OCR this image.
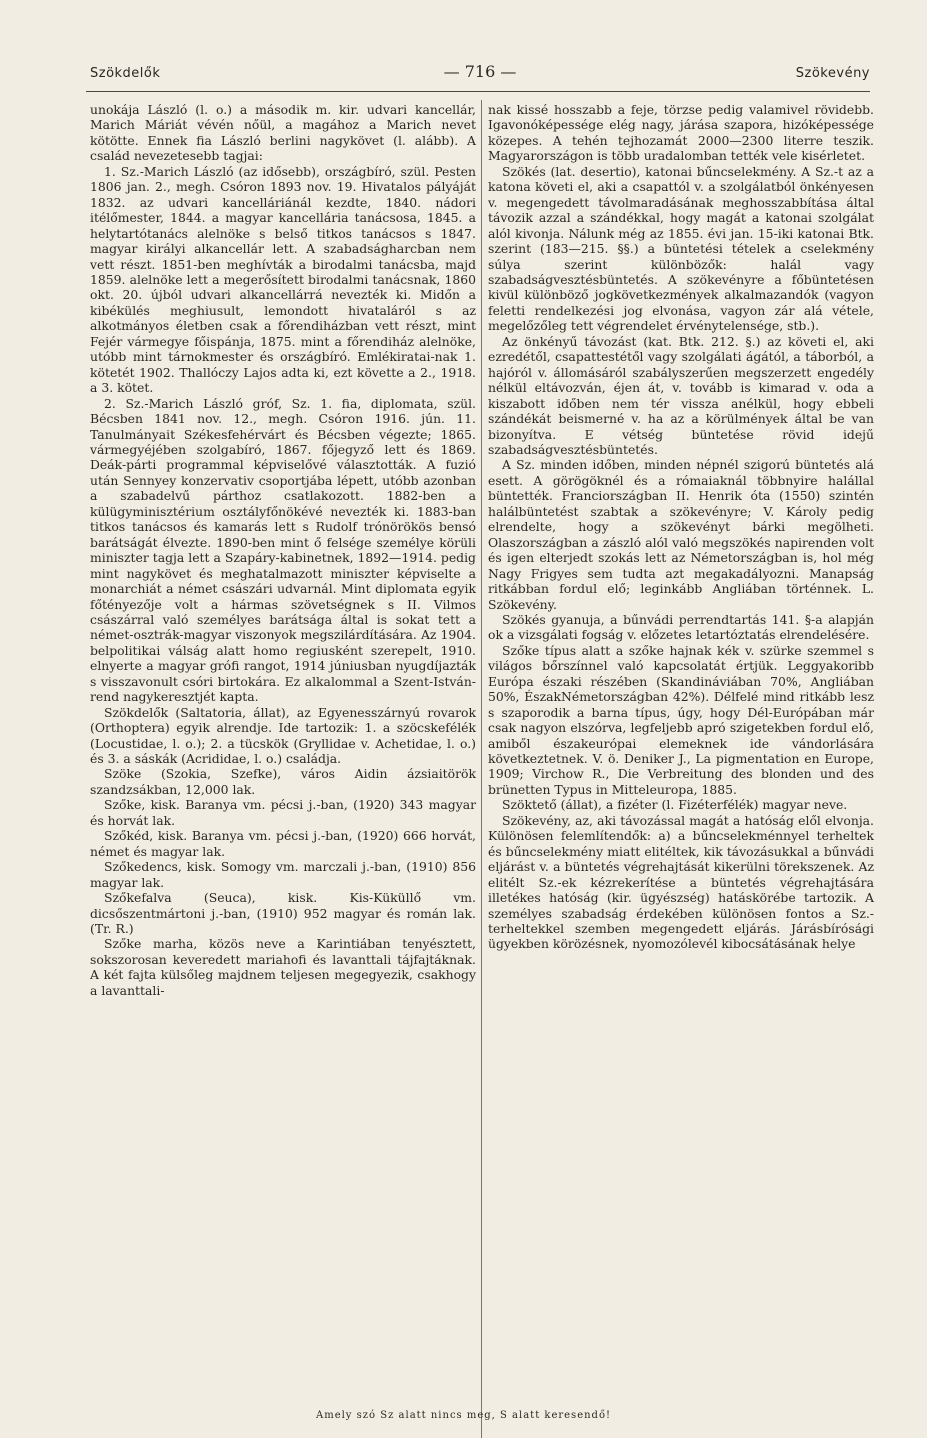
Szökdelők	— 716 —	Szökevény

unokája László (l. o.) a második m. kir. udvari kancellár, Marich Máriát vévén nőül, a magához a Marich nevet kötötte. Ennek fia László berlini nagykövet (l. alább). A család nevezetesebb tagjai:

1. Sz.-Marich László (az idősebb), országbíró, szül. Pesten 1806 jan. 2., megh. Csóron 1893 nov. 19. Hivatalos pályáját 1832. az udvari kancelláriánál kezdte, 1840. nádori itélőmester, 1844. a magyar kancellária tanácsosa, 1845. a helytartótanács alelnöke s belső titkos tanácsos s 1847. magyar királyi alkancellár lett. A szabadságharcban nem vett részt. 1851-ben meghívták a birodalmi tanácsba, majd 1859. alelnöke lett a megerősített birodalmi tanácsnak, 1860 okt. 20. újból udvari alkancellárrá nevezték ki. Midőn a kibékülés meghiusult, lemondott hivataláról s az alkotmányos életben csak a főrendiházban vett részt, mint Fejér vármegye főispánja, 1875. mint a főrendiház alelnöke, utóbb mint tárnokmester és országbíró. Emlékiratai-nak 1. kötetét 1902. Thallóczy Lajos adta ki, ezt követte a 2., 1918. a 3. kötet.

2. Sz.-Marich László gróf, Sz. 1. fia, diplomata, szül. Bécsben 1841 nov. 12., megh. Csóron 1916. jún. 11. Tanulmányait Székesfehérvárt és Bécsben végezte; 1865. vármegyéjében szolgabíró, 1867. főjegyző lett és 1869. Deák-párti programmal képviselővé választották. A fuzió után Sennyey konzervativ csoportjába lépett, utóbb azonban a szabadelvű párthoz csatlakozott. 1882-ben a külügyminisztérium osztályfőnökévé nevezték ki. 1883-ban titkos tanácsos és kamarás lett s Rudolf trónörökös bensó barátságát élvezte. 1890-ben mint ő felsége személye körüli miniszter tagja lett a Szapáry-kabinetnek, 1892—1914. pedig mint nagykövet és meghatalmazott miniszter képviselte a monarchiát a német császári udvarnál. Mint diplomata egyik főtényezője volt a hármas szövetségnek s II. Vilmos császárral való személyes barátsága által is sokat tett a német-osztrák-magyar viszonyok megszilárdítására. Az 1904. belpolitikai válság alatt homo regiusként szerepelt, 1910. elnyerte a magyar grófi rangot, 1914 júniusban nyugdíjazták s visszavonult csóri birtokára. Ez alkalommal a Szent-István-rend nagykeresztjét kapta.

Szökdelők (Saltatoria, állat), az Egyenesszárnyú rovarok (Orthoptera) egyik alrendje. Ide tartozik: 1. a szöcskefélék (Locustidae, l. o.); 2. a tücskök (Gryllidae v. Achetidae, l. o.) és 3. a sáskák (Acrididae, l. o.) családja.

Szöke (Szokia, Szefke), város Aidin ázsiaitörök szandzsákban, 12,000 lak.

Szőke, kisk. Baranya vm. pécsi j.-ban, (1920) 343 magyar és horvát lak.

Szőkéd, kisk. Baranya vm. pécsi j.-ban, (1920) 666 horvát, német és magyar lak.

Szőkedencs, kisk. Somogy vm. marczali j.-ban, (1910) 856 magyar lak.

Szőkefalva (Seuca), kisk. Kis-Küküllő vm. dicsőszentmártoni j.-ban, (1910) 952 magyar és román lak. (Tr. R.)

Szőke marha, közös neve a Karintiában tenyésztett, sokszorosan keveredett mariahofi és lavanttali tájfajtáknak. A két fajta külsőleg majdnem teljesen megegyezik, csakhogy a lavanttali-

nak kissé hosszabb a feje, törzse pedig valamivel rövidebb. Igavonóképessége elég nagy, járása szapora, hizóképessége közepes. A tehén tejhozamát 2000—2300 literre teszik. Magyarországon is több uradalomban tették vele kisérletet.

Szökés (lat. desertio), katonai bűncselekmény. A Sz.-t az a katona követi el, aki a csapattól v. a szolgálatból önkényesen v. megengedett távolmaradásának meghosszabbítása által távozik azzal a szándékkal, hogy magát a katonai szolgálat alól kivonja. Nálunk még az 1855. évi jan. 15-iki katonai Btk. szerint (183—215. §§.) a büntetési tételek a cselekmény súlya szerint különbözők: halál vagy szabadságvesztésbüntetés. A szökevényre a főbüntetésen kivül különböző jogkövetkezmények alkalmazandók (vagyon feletti rendelkezési jog elvonása, vagyon zár alá vétele, megelőzőleg tett végrendelet érvénytelensége, stb.).

Az önkényű távozást (kat. Btk. 212. §.) az követi el, aki ezredétől, csapattestétől vagy szolgálati ágától, a táborból, a hajóról v. állomásáról szabályszerűen megszerzett engedély nélkül eltávozván, éjen át, v. tovább is kimarad v. oda a kiszabott időben nem tér vissza anélkül, hogy ebbeli szándékát beismerné v. ha az a körülmények által be van bizonyítva. E vétség büntetése rövid idejű szabadságvesztésbüntetés.

A Sz. minden időben, minden népnél szigorú büntetés alá esett. A görögöknél és a rómaiaknál többnyire halállal büntették. Franciországban II. Henrik óta (1550) szintén halálbüntetést szabtak a szökevényre; V. Károly pedig elrendelte, hogy a szökevényt bárki megölheti. Olaszországban a zászló alól való megszökés napirenden volt és igen elterjedt szokás lett az Németországban is, hol még Nagy Frigyes sem tudta azt megakadályozni. Manapság ritkábban fordul elő; leginkább Angliában történnek. L. Szökevény.

Szökés gyanuja, a bűnvádi perrendtartás 141. §-a alapján ok a vizsgálati fogság v. előzetes letartóztatás elrendelésére.

Szőke típus alatt a szőke hajnak kék v. szürke szemmel s világos bőrszínnel való kapcsolatát értjük. Leggyakoribb Európa északi részében (Skandináviában 70%, Angliában 50%, ÉszakNémetországban 42%). Délfelé mind ritkább lesz s szaporodik a barna típus, úgy, hogy Dél-Európában már csak nagyon elszórva, legfeljebb apró szigetekben fordul elő, amiből északeurópai elemeknek ide vándorlására következtetnek. V. ö. Deniker J., La pigmentation en Europe, 1909; Virchow R., Die Verbreitung des blonden und des brünetten Typus in Mitteleuropa, 1885.

Szöktető (állat), a fizéter (l. Fizéterfélék) magyar neve.

Szökevény, az, aki távozással magát a hatóság elől elvonja. Különösen felemlítendők: a) a bűncselekménnyel terheltek és bűncselekmény miatt elitéltek, kik távozásukkal a bűnvádi eljárást v. a büntetés végrehajtását kikerülni törekszenek. Az elitélt Sz.-ek kézrekerítése a büntetés végrehajtására illetékes hatóság (kir. ügyészség) hatáskörébe tartozik. A személyes szabadság érdekében különösen fontos a Sz.-terheltekkel szemben megengedett eljárás. Járásbírósági ügyekben körözésnek, nyomozólevél kibocsátásának helye

Amely szó Sz alatt nincs meg, S alatt keresendő!
